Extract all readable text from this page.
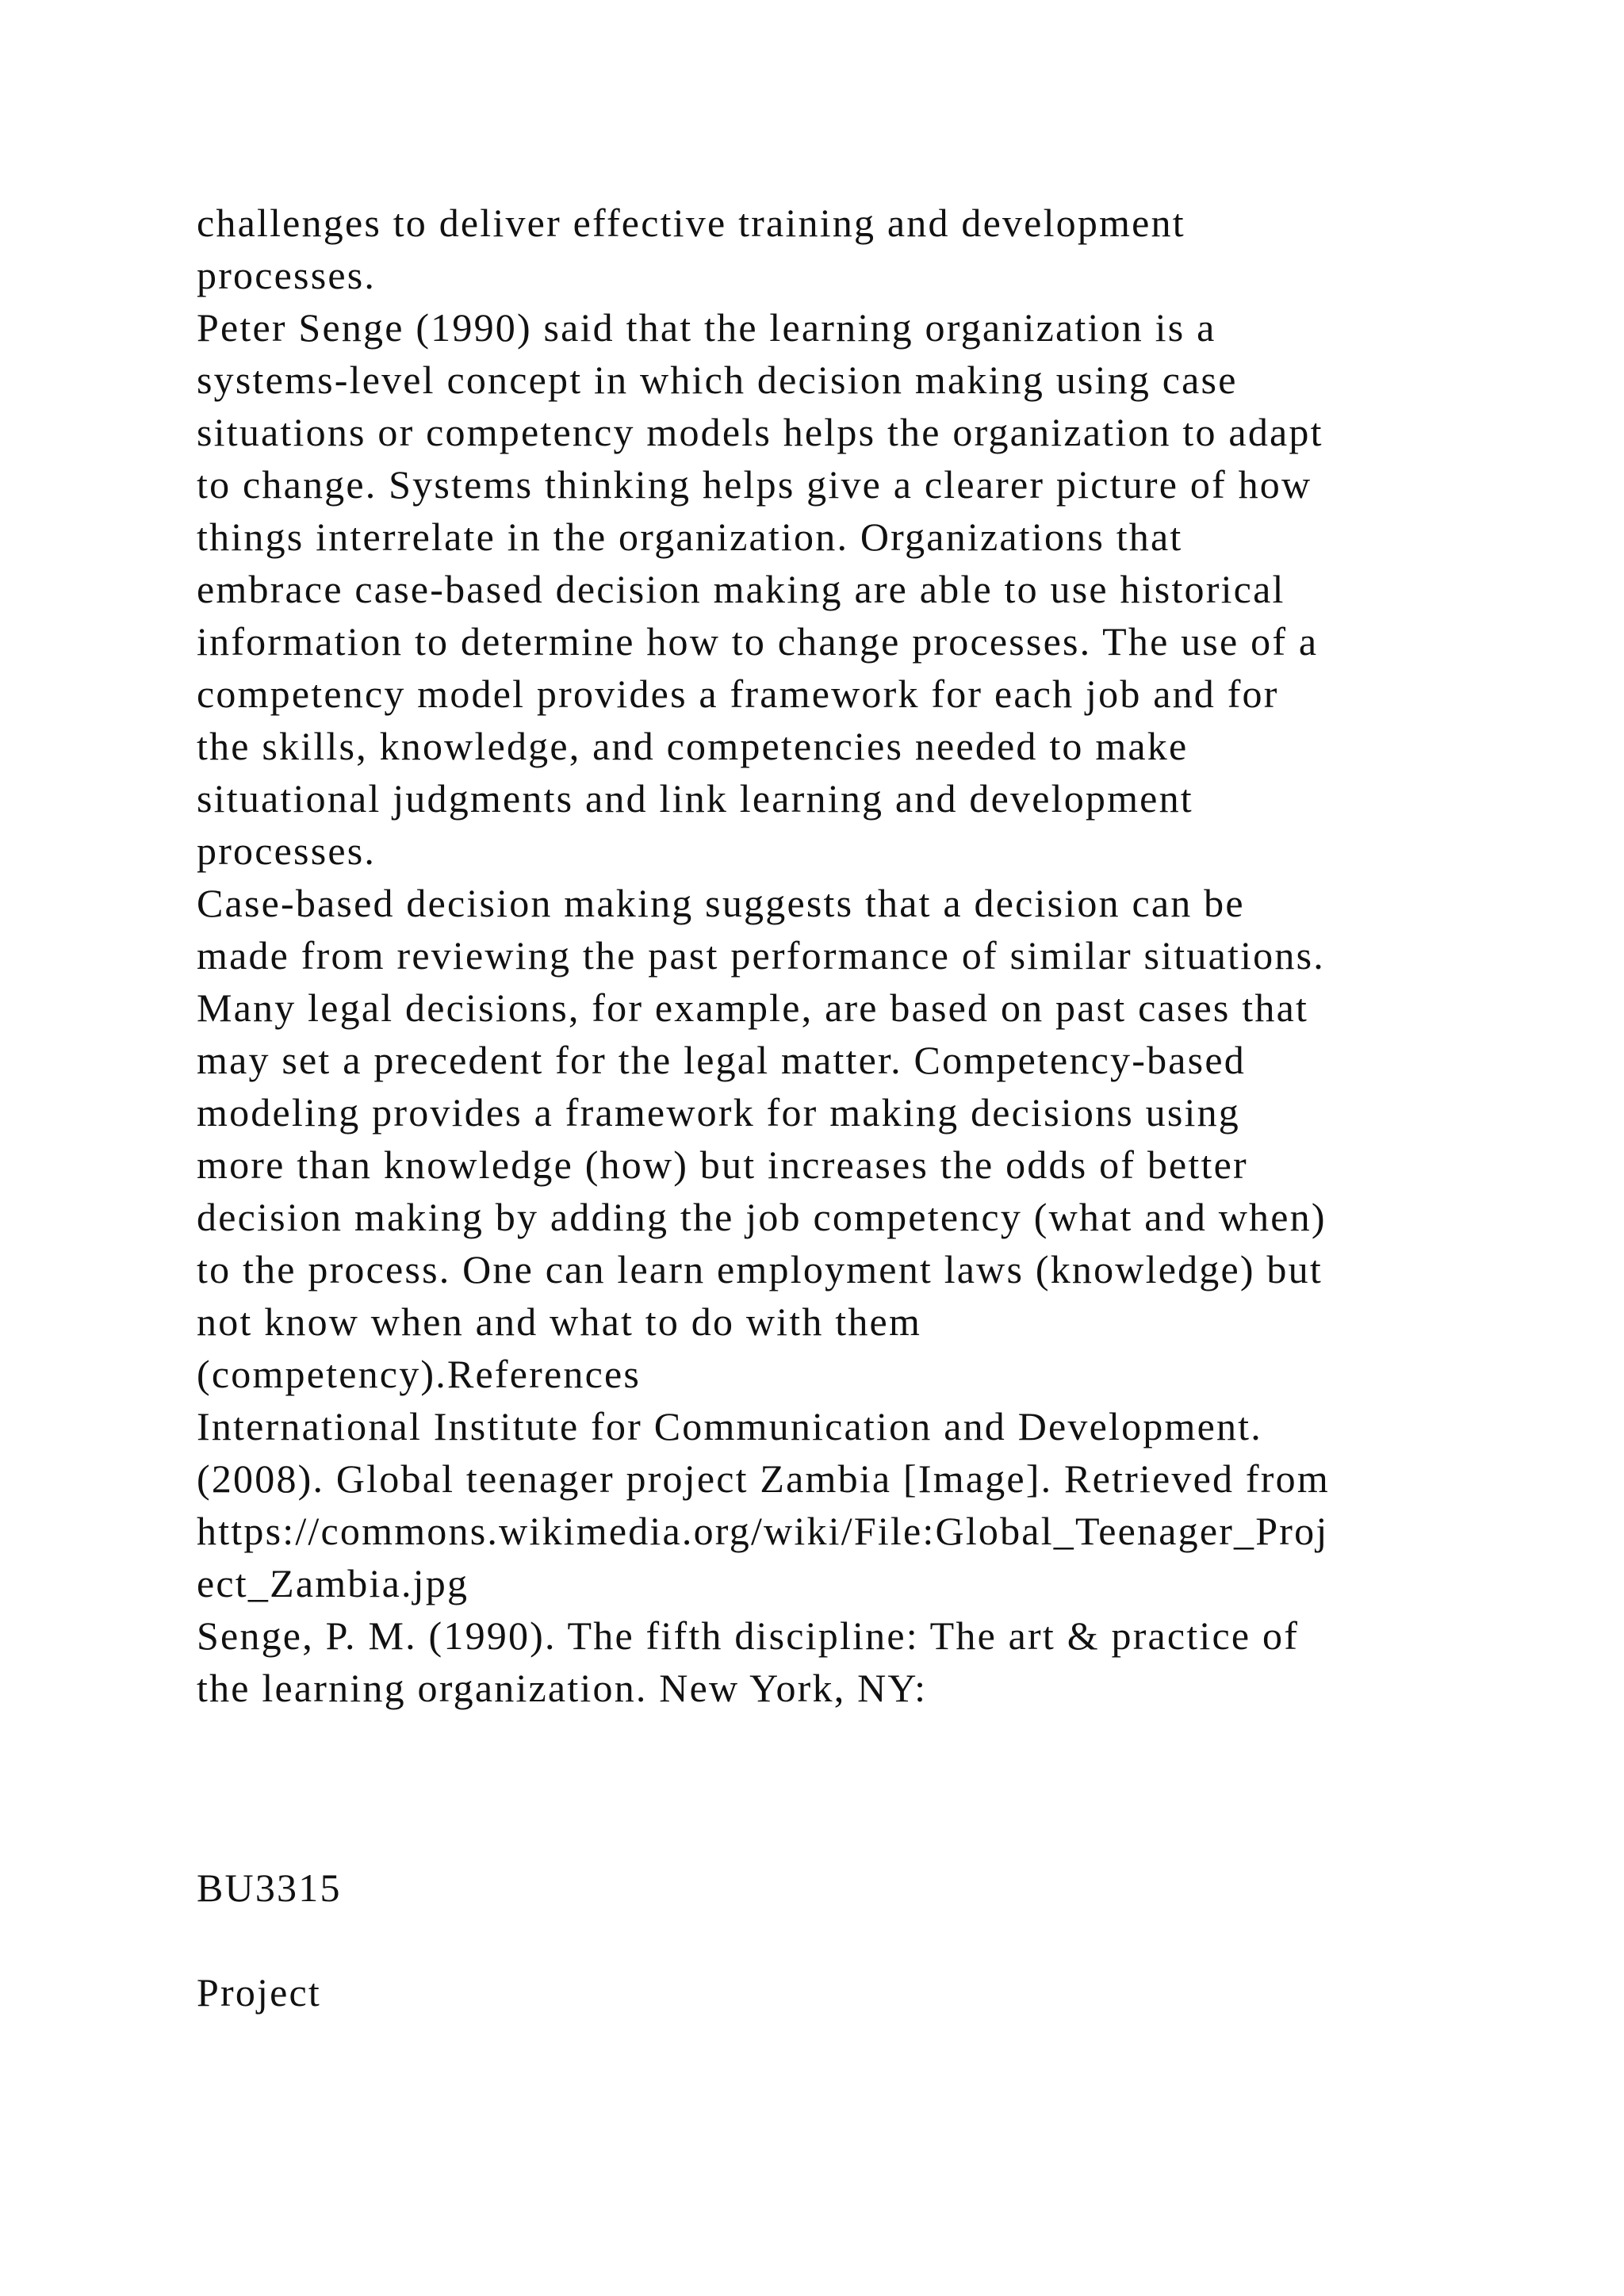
challenges to deliver effective training and development
processes.
Peter Senge (1990) said that the learning organization is a
systems-level concept in which decision making using case
situations or competency models helps the organization to adapt
to change. Systems thinking helps give a clearer picture of how
things interrelate in the organization. Organizations that
embrace case-based decision making are able to use historical
information to determine how to change processes. The use of a
competency model provides a framework for each job and for
the skills, knowledge, and competencies needed to make
situational judgments and link learning and development
processes.
Case-based decision making suggests that a decision can be
made from reviewing the past performance of similar situations.
Many legal decisions, for example, are based on past cases that
may set a precedent for the legal matter. Competency-based
modeling provides a framework for making decisions using
more than knowledge (how) but increases the odds of better
decision making by adding the job competency (what and when)
to the process. One can learn employment laws (knowledge) but
not know when and what to do with them
(competency).References
International Institute for Communication and Development.
(2008). Global teenager project Zambia [Image]. Retrieved from
https://commons.wikimedia.org/wiki/File:Global_Teenager_Proj
ect_Zambia.jpg
Senge, P. M. (1990). The fifth discipline: The art & practice of
the learning organization. New York, NY:
BU3315
Project
